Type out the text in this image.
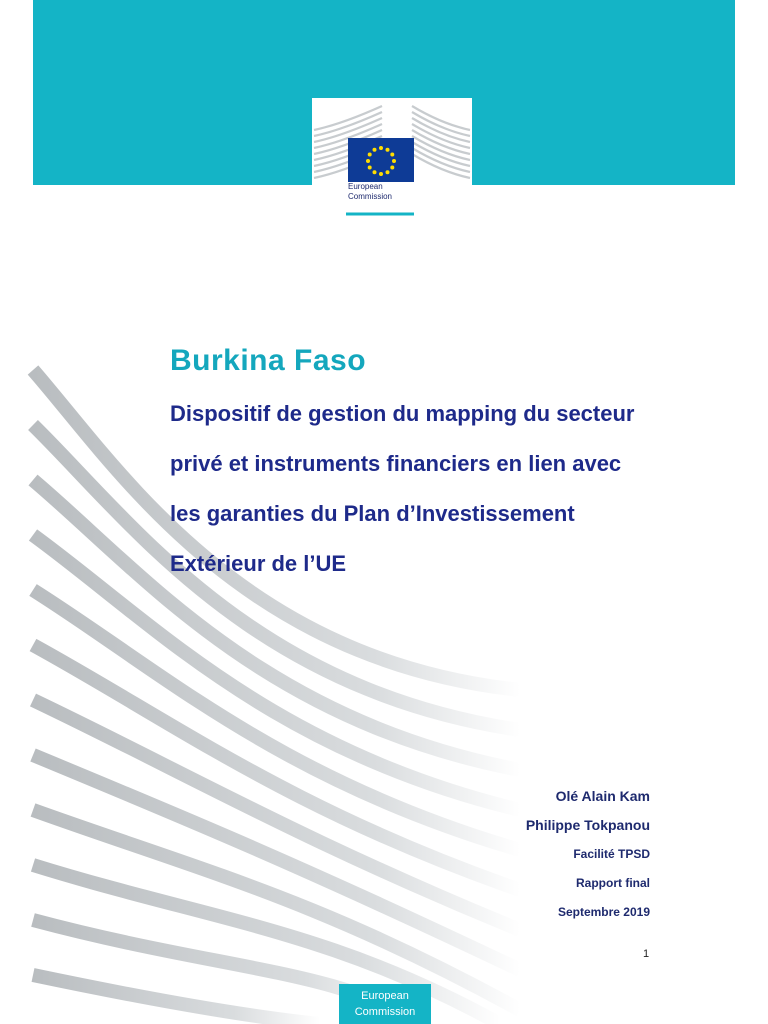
European
Commission
Burkina Faso
Dispositif de gestion du mapping du secteur
privé et instruments financiers en lien avec
les garanties du Plan d’Investissement
Extérieur de l’UE
Olé Alain Kam
Philippe Tokpanou
Facilité TPSD
Rapport final
Septembre 2019
1
European
Commission
